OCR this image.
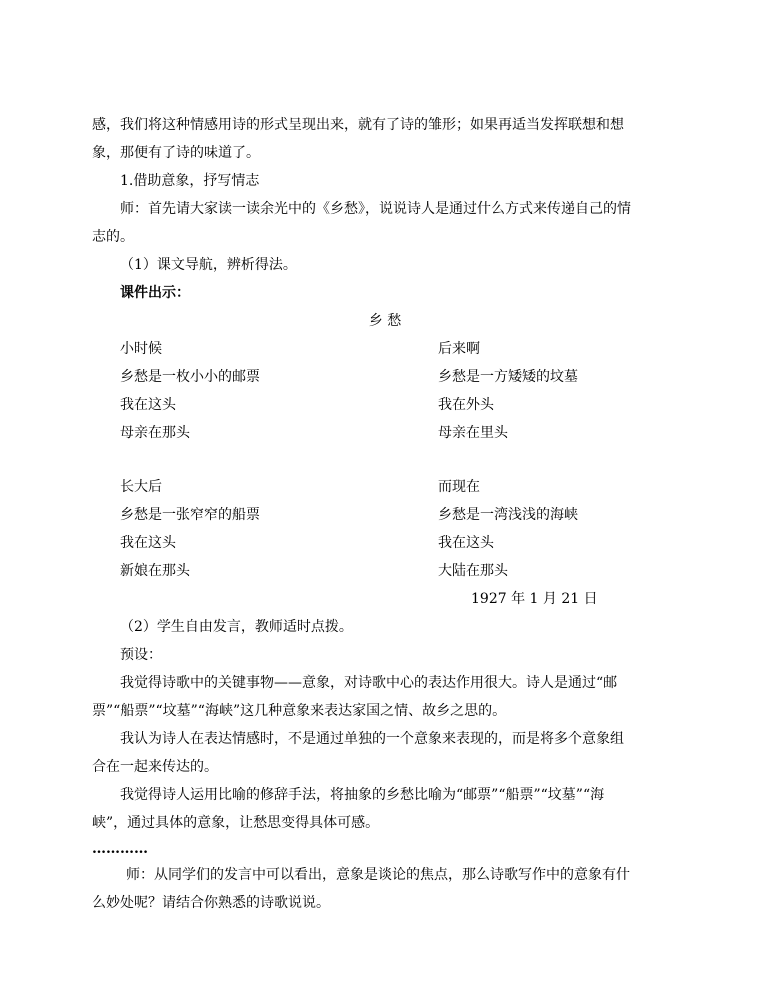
感，我们将这种情感用诗的形式呈现出来，就有了诗的雏形；如果再适当发挥联想和想
象，那便有了诗的味道了。
1.借助意象，抒写情志
师：首先请大家读一读余光中的《乡愁》，说说诗人是通过什么方式来传递自己的情
志的。
（1）课文导航，辨析得法。
课件出示：
乡 愁
小时候
乡愁是一枚小小的邮票
我在这头
母亲在那头
后来啊
乡愁是一方矮矮的坟墓
我在外头
母亲在里头
长大后
乡愁是一张窄窄的船票
我在这头
新娘在那头
而现在
乡愁是一湾浅浅的海峡
我在这头
大陆在那头
1927 年 1 月 21 日
（2）学生自由发言，教师适时点拨。
预设：
我觉得诗歌中的关键事物——意象，对诗歌中心的表达作用很大。诗人是通过“邮
票”“船票”“坟墓”“海峡”这几种意象来表达家国之情、故乡之思的。
我认为诗人在表达情感时，不是通过单独的一个意象来表现的，而是将多个意象组
合在一起来传达的。
我觉得诗人运用比喻的修辞手法，将抽象的乡愁比喻为“邮票”“船票”“坟墓”“海
峡”，通过具体的意象，让愁思变得具体可感。
…………
师：从同学们的发言中可以看出，意象是谈论的焦点，那么诗歌写作中的意象有什
么妙处呢？请结合你熟悉的诗歌说说。
